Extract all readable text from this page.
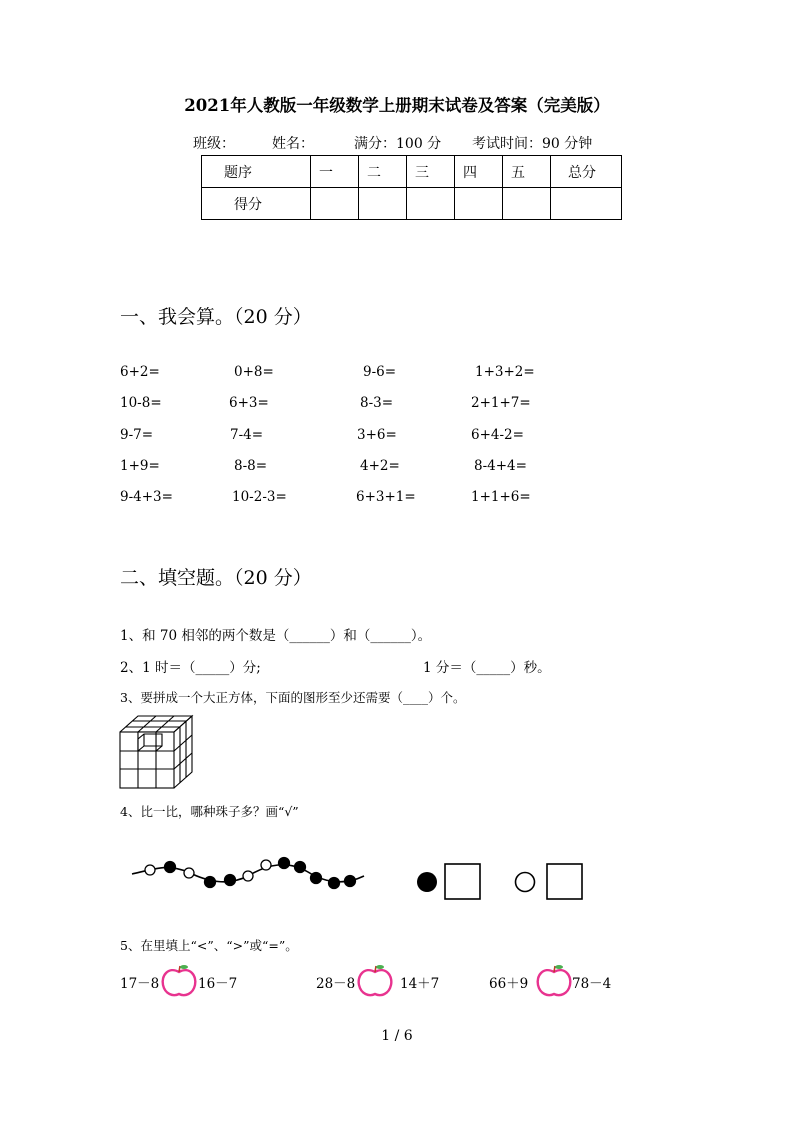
2021年人教版一年级数学上册期末试卷及答案（完美版）
班级：	姓名：	满分：100 分 考试时间：90 分钟
题序	一	二	三	四	五	总分
得分						
一、我会算。（20 分）
6+2=	0+8=	9-6=	1+3+2=
10-8=	6+3=	8-3=	2+1+7=
9-7=	7-4=	3+6=	6+4-2=
1+9=	8-8=	4+2=	8-4+4=
9-4+3=	10-2-3=	6+3+1=	1+1+6=
二、填空题。（20 分）
1、和 70 相邻的两个数是（______）和（______）。
2、1 时＝（_____）分;	1 分＝（_____）秒。
3、要拼成一个大正方体，下面的图形至少还需要（____）个。
4、比一比，哪种珠子多？画“√”
5、在里填上“<”、“>”或“=”。
17－8	16－7	28－8	14＋7	66＋9	78－4
1 / 6
